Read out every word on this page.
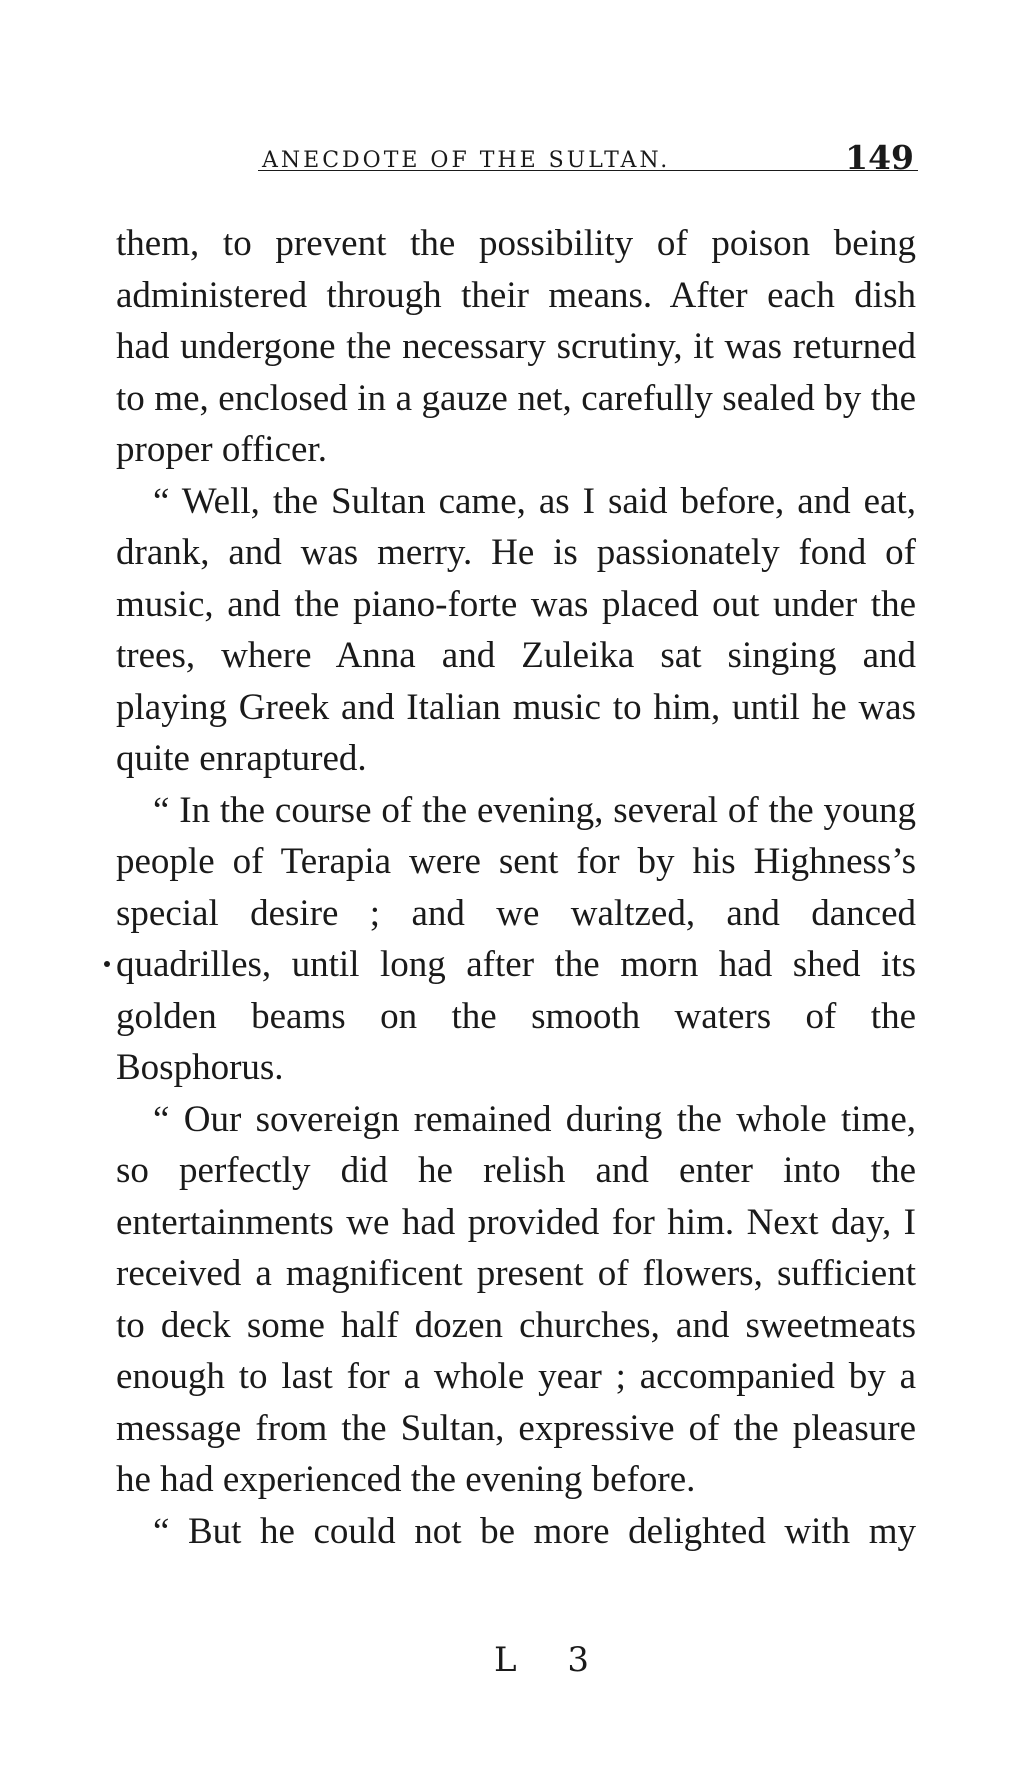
ANECDOTE OF THE SULTAN.	149

them, to prevent the possibility of poison being administered through their means. After each dish had undergone the necessary scrutiny, it was returned to me, enclosed in a gauze net, carefully sealed by the proper officer.

“ Well, the Sultan came, as I said before, and eat, drank, and was merry. He is passionately fond of music, and the piano-forte was placed out under the trees, where Anna and Zuleika sat singing and playing Greek and Italian music to him, until he was quite enraptured.

“ In the course of the evening, several of the young people of Terapia were sent for by his Highness’s special desire ; and we waltzed, and danced quadrilles, until long after the morn had shed its golden beams on the smooth waters of the Bosphorus.

“ Our sovereign remained during the whole time, so perfectly did he relish and enter into the entertainments we had provided for him. Next day, I received a magnificent present of flowers, sufficient to deck some half dozen churches, and sweetmeats enough to last for a whole year ; accompanied by a message from the Sultan, expressive of the pleasure he had experienced the evening before.

“ But he could not be more delighted with my

L 3
